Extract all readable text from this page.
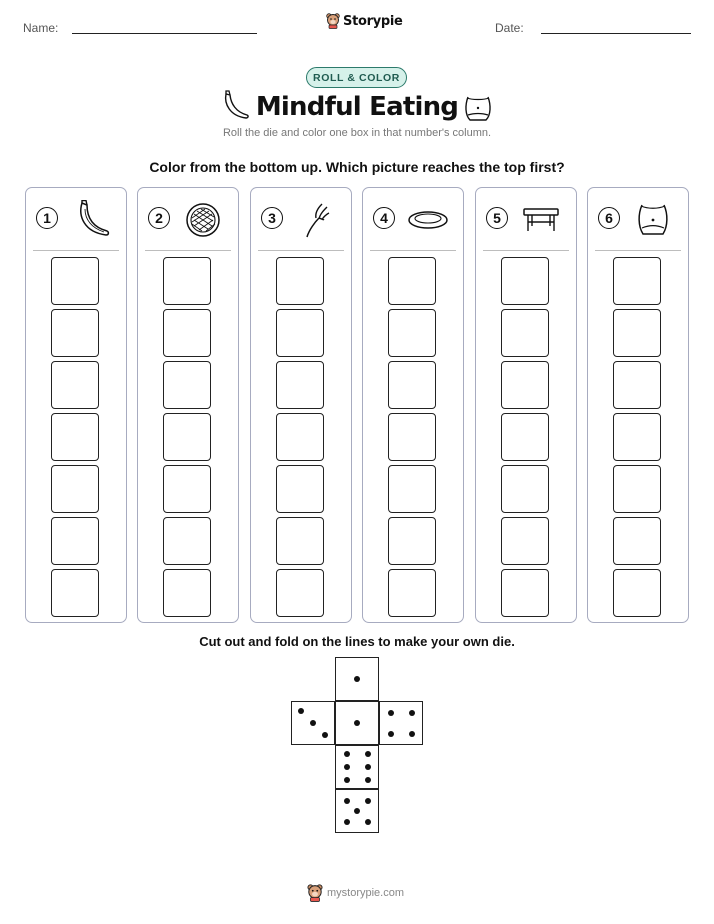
Name:	Storypie	Date:
ROLL & COLOR
Mindful Eating
Roll the die and color one box in that number's column.
Color from the bottom up. Which picture reaches the top first?
1	2	3	4	5	6
Cut out and fold on the lines to make your own die.
mystorypie.com
